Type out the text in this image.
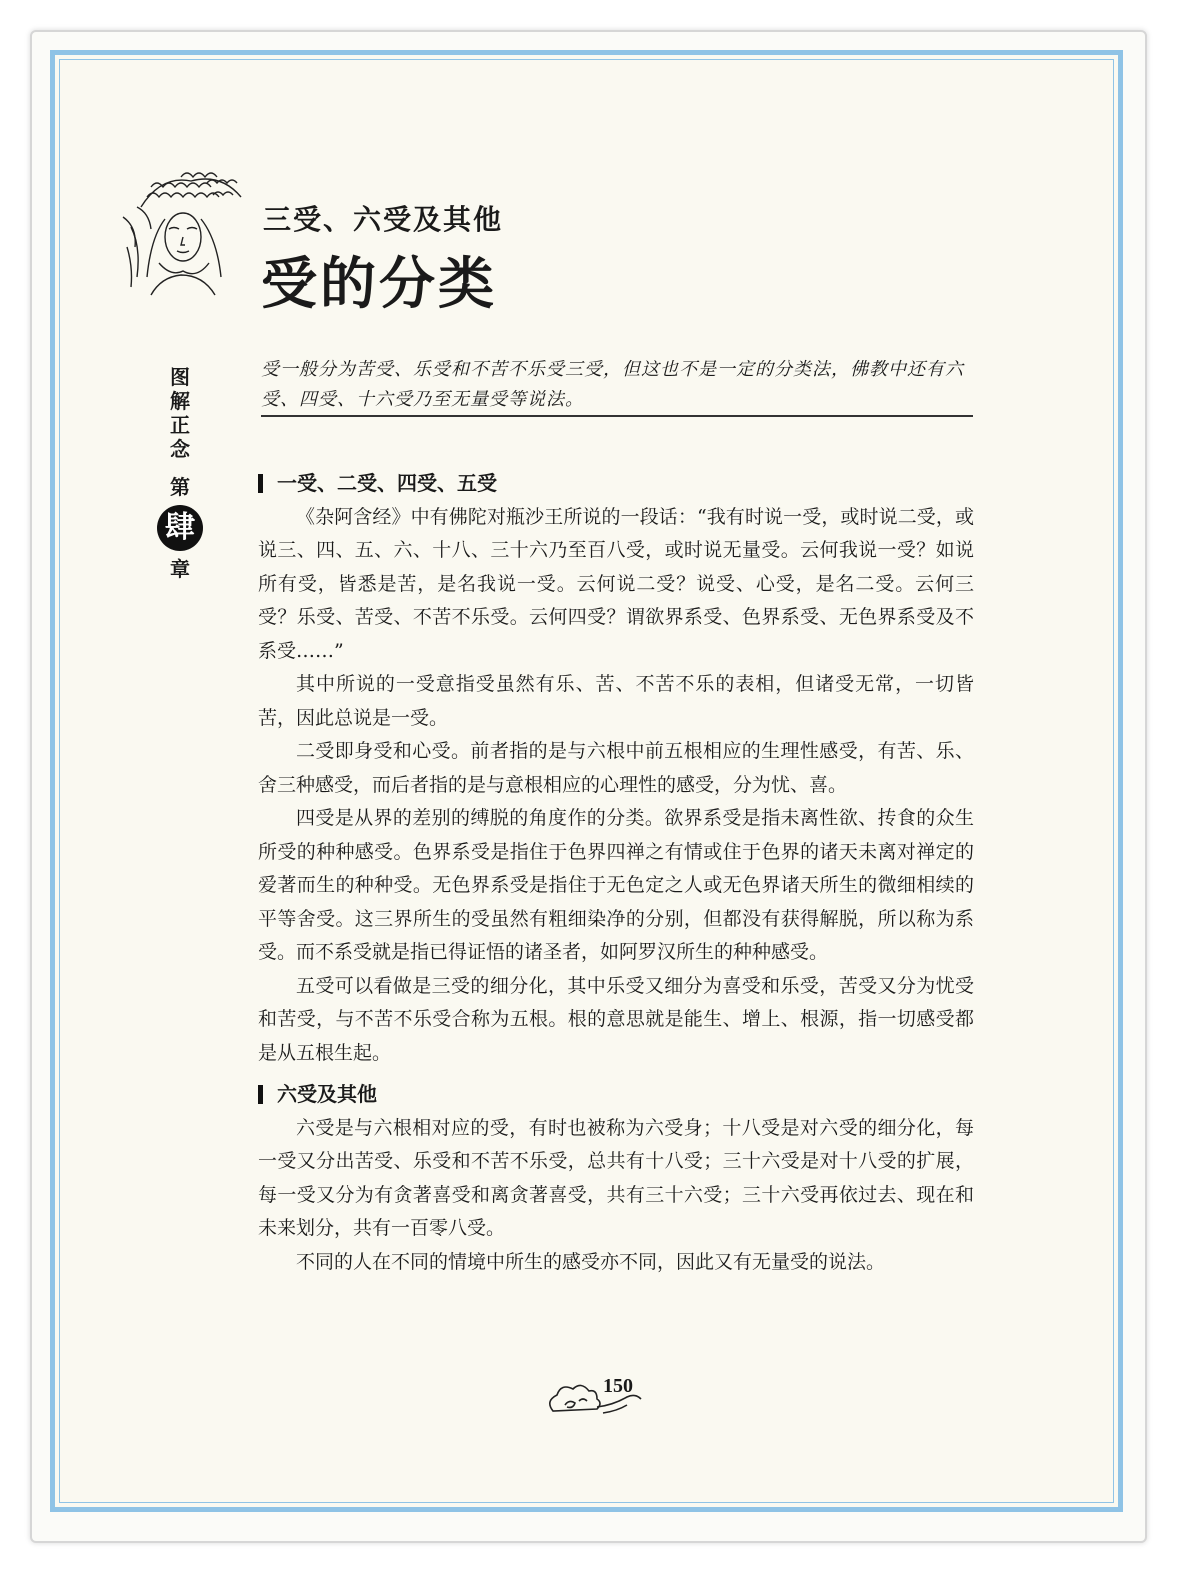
三受、六受及其他
受的分类
图解正念
第
肆
章

受一般分为苦受、乐受和不苦不乐受三受，但这也不是一定的分类法，佛教中还有六受、四受、十六受乃至无量受等说法。

一受、二受、四受、五受

《杂阿含经》中有佛陀对瓶沙王所说的一段话：“我有时说一受，或时说二受，或说三、四、五、六、十八、三十六乃至百八受，或时说无量受。云何我说一受？如说所有受，皆悉是苦，是名我说一受。云何说二受？说受、心受，是名二受。云何三受？乐受、苦受、不苦不乐受。云何四受？谓欲界系受、色界系受、无色界系受及不系受……”

其中所说的一受意指受虽然有乐、苦、不苦不乐的表相，但诸受无常，一切皆苦，因此总说是一受。

二受即身受和心受。前者指的是与六根中前五根相应的生理性感受，有苦、乐、舍三种感受，而后者指的是与意根相应的心理性的感受，分为忧、喜。

四受是从界的差别的缚脱的角度作的分类。欲界系受是指未离性欲、抟食的众生所受的种种感受。色界系受是指住于色界四禅之有情或住于色界的诸天未离对禅定的爱著而生的种种受。无色界系受是指住于无色定之人或无色界诸天所生的微细相续的平等舍受。这三界所生的受虽然有粗细染净的分别，但都没有获得解脱，所以称为系受。而不系受就是指已得证悟的诸圣者，如阿罗汉所生的种种感受。

五受可以看做是三受的细分化，其中乐受又细分为喜受和乐受，苦受又分为忧受和苦受，与不苦不乐受合称为五根。根的意思就是能生、增上、根源，指一切感受都是从五根生起。

六受及其他

六受是与六根相对应的受，有时也被称为六受身；十八受是对六受的细分化，每一受又分出苦受、乐受和不苦不乐受，总共有十八受；三十六受是对十八受的扩展，每一受又分为有贪著喜受和离贪著喜受，共有三十六受；三十六受再依过去、现在和未来划分，共有一百零八受。

不同的人在不同的情境中所生的感受亦不同，因此又有无量受的说法。

150
